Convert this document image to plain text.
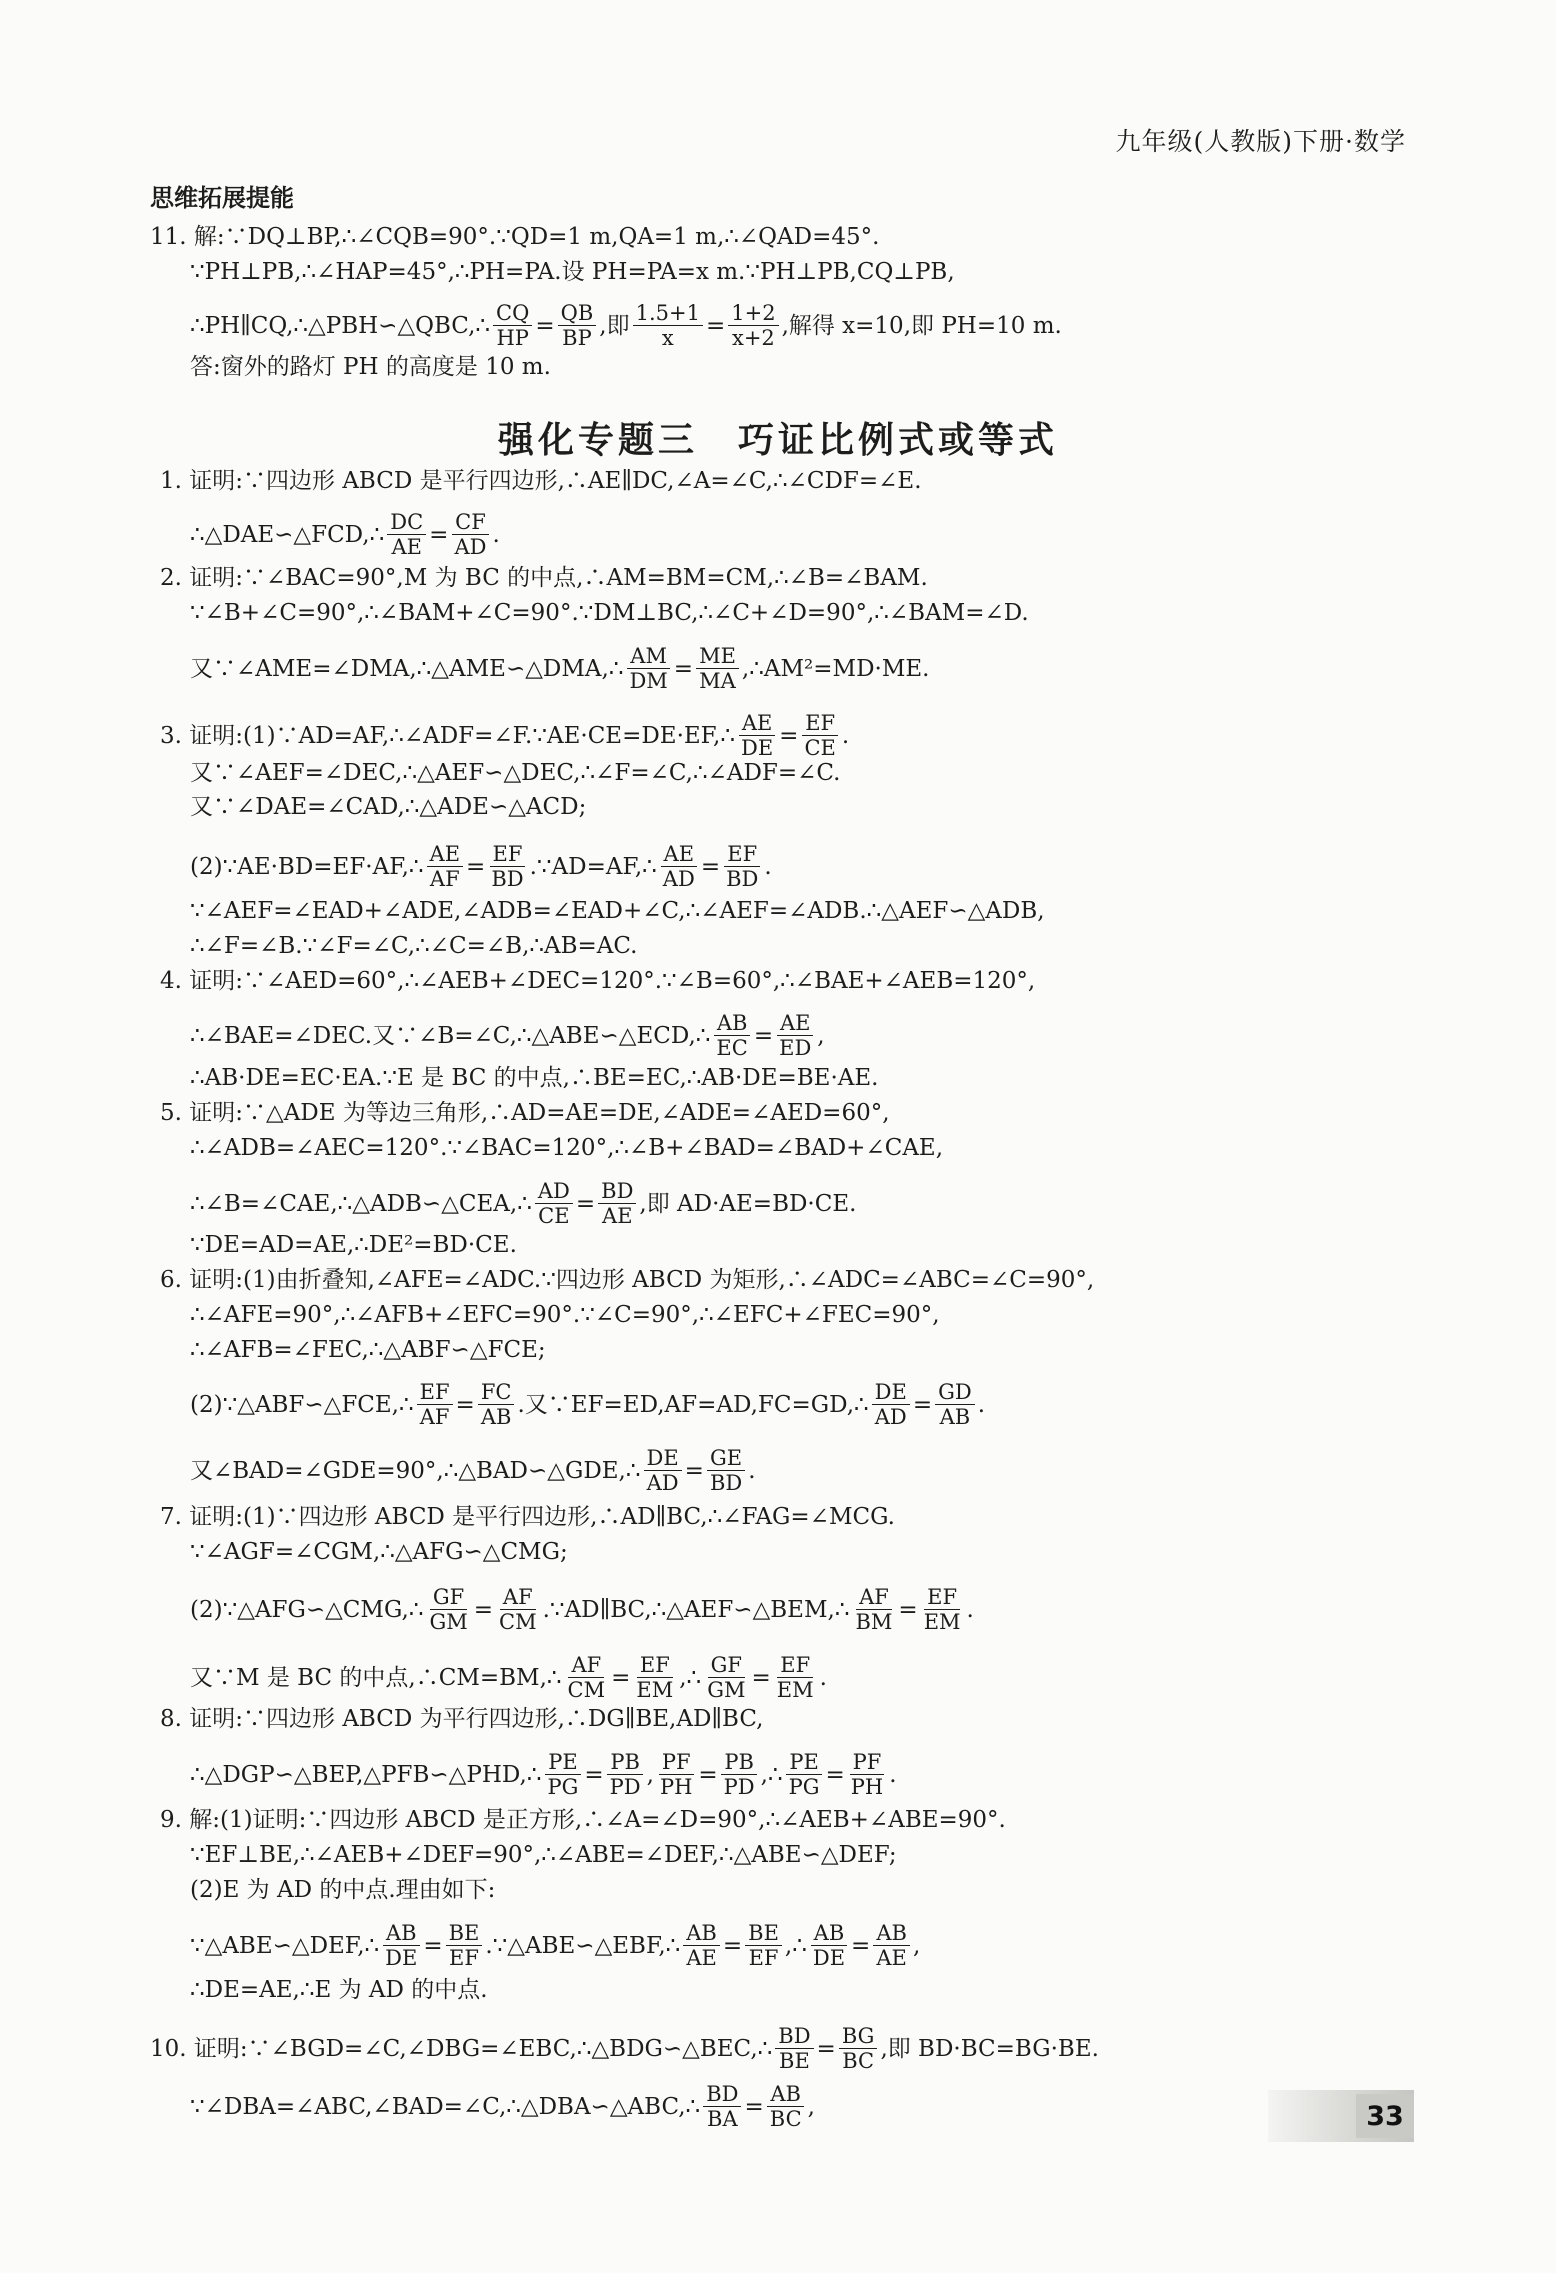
九年级(人教版)下册·数学
思维拓展提能
强化专题三　巧证比例式或等式
11. 解:∵DQ⊥BP,∴∠CQB=90°.∵QD=1 m,QA=1 m,∴∠QAD=45°.
∵PH⊥PB,∴∠HAP=45°,∴PH=PA.设 PH=PA=x m.∵PH⊥PB,CQ⊥PB,
∴PH∥CQ,∴△PBH∽△QBC,∴ $\frac{CQ}{HP} = \frac{QB}{BP}$ ,即 $\frac{1.5+1}{x} = \frac{1+2}{x+2}$ ,解得 x=10,即 PH=10 m.
答:窗外的路灯 PH 的高度是 10 m.
1. 证明:∵四边形 ABCD 是平行四边形,∴AE∥DC,∠A=∠C,∴∠CDF=∠E.
∴△DAE∽△FCD,∴ $\frac{DC}{AE} = \frac{CF}{AD}$ .
2. 证明:∵∠BAC=90°,M 为 BC 的中点,∴AM=BM=CM,∴∠B=∠BAM.
∵∠B+∠C=90°,∴∠BAM+∠C=90°.∵DM⊥BC,∴∠C+∠D=90°,∴∠BAM=∠D.
又∵∠AME=∠DMA,∴△AME∽△DMA,∴ $\frac{AM}{DM} = \frac{ME}{MA}$ ,∴AM²=MD·ME.
3. 证明:(1)∵AD=AF,∴∠ADF=∠F.∵AE·CE=DE·EF,∴ $\frac{AE}{DE} = \frac{EF}{CE}$ .
又∵∠AEF=∠DEC,∴△AEF∽△DEC,∴∠F=∠C,∴∠ADF=∠C.
又∵∠DAE=∠CAD,∴△ADE∽△ACD;
(2)∵AE·BD=EF·AF,∴ $\frac{AE}{AF} = \frac{EF}{BD}$ .∵AD=AF,∴ $\frac{AE}{AD} = \frac{EF}{BD}$ .
∵∠AEF=∠EAD+∠ADE,∠ADB=∠EAD+∠C,∴∠AEF=∠ADB.∴△AEF∽△ADB,
∴∠F=∠B.∵∠F=∠C,∴∠C=∠B,∴AB=AC.
4. 证明:∵∠AED=60°,∴∠AEB+∠DEC=120°.∵∠B=60°,∴∠BAE+∠AEB=120°,
∴∠BAE=∠DEC.又∵∠B=∠C,∴△ABE∽△ECD,∴ $\frac{AB}{EC} = \frac{AE}{ED}$ ,
∴AB·DE=EC·EA.∵E 是 BC 的中点,∴BE=EC,∴AB·DE=BE·AE.
5. 证明:∵△ADE 为等边三角形,∴AD=AE=DE,∠ADE=∠AED=60°,
∴∠ADB=∠AEC=120°.∵∠BAC=120°,∴∠B+∠BAD=∠BAD+∠CAE,
∴∠B=∠CAE,∴△ADB∽△CEA,∴ $\frac{AD}{CE} = \frac{BD}{AE}$ ,即 AD·AE=BD·CE.
∵DE=AD=AE,∴DE²=BD·CE.
6. 证明:(1)由折叠知,∠AFE=∠ADC.∵四边形 ABCD 为矩形,∴∠ADC=∠ABC=∠C=90°,
∴∠AFE=90°,∴∠AFB+∠EFC=90°.∵∠C=90°,∴∠EFC+∠FEC=90°,
∴∠AFB=∠FEC,∴△ABF∽△FCE;
(2)∵△ABF∽△FCE,∴ $\frac{EF}{AF} = \frac{FC}{AB}$ .又∵EF=ED,AF=AD,FC=GD,∴ $\frac{DE}{AD} = \frac{GD}{AB}$ .
又∠BAD=∠GDE=90°,∴△BAD∽△GDE,∴ $\frac{DE}{AD} = \frac{GE}{BD}$ .
7. 证明:(1)∵四边形 ABCD 是平行四边形,∴AD∥BC,∴∠FAG=∠MCG.
∵∠AGF=∠CGM,∴△AFG∽△CMG;
(2)∵△AFG∽△CMG,∴ $\frac{GF}{GM} = \frac{AF}{CM}$ .∵AD∥BC,∴△AEF∽△BEM,∴ $\frac{AF}{BM} = \frac{EF}{EM}$ .
又∵M 是 BC 的中点,∴CM=BM,∴ $\frac{AF}{CM} = \frac{EF}{EM}$ ,∴ $\frac{GF}{GM} = \frac{EF}{EM}$ .
8. 证明:∵四边形 ABCD 为平行四边形,∴DG∥BE,AD∥BC,
∴△DGP∽△BEP,△PFB∽△PHD,∴ $\frac{PE}{PG} = \frac{PB}{PD}$ , $\frac{PF}{PH} = \frac{PB}{PD}$ ,∴ $\frac{PE}{PG} = \frac{PF}{PH}$ .
9. 解:(1)证明:∵四边形 ABCD 是正方形,∴∠A=∠D=90°,∴∠AEB+∠ABE=90°.
∵EF⊥BE,∴∠AEB+∠DEF=90°,∴∠ABE=∠DEF,∴△ABE∽△DEF;
(2)E 为 AD 的中点.理由如下:
∵△ABE∽△DEF,∴ $\frac{AB}{DE} = \frac{BE}{EF}$ .∵△ABE∽△EBF,∴ $\frac{AB}{AE} = \frac{BE}{EF}$ ,∴ $\frac{AB}{DE} = \frac{AB}{AE}$ ,
∴DE=AE,∴E 为 AD 的中点.
10. 证明:∵∠BGD=∠C,∠DBG=∠EBC,∴△BDG∽△BEC,∴ $\frac{BD}{BE} = \frac{BG}{BC}$ ,即 BD·BC=BG·BE.
∵∠DBA=∠ABC,∠BAD=∠C,∴△DBA∽△ABC,∴ $\frac{BD}{BA} = \frac{AB}{BC}$ ,	33
